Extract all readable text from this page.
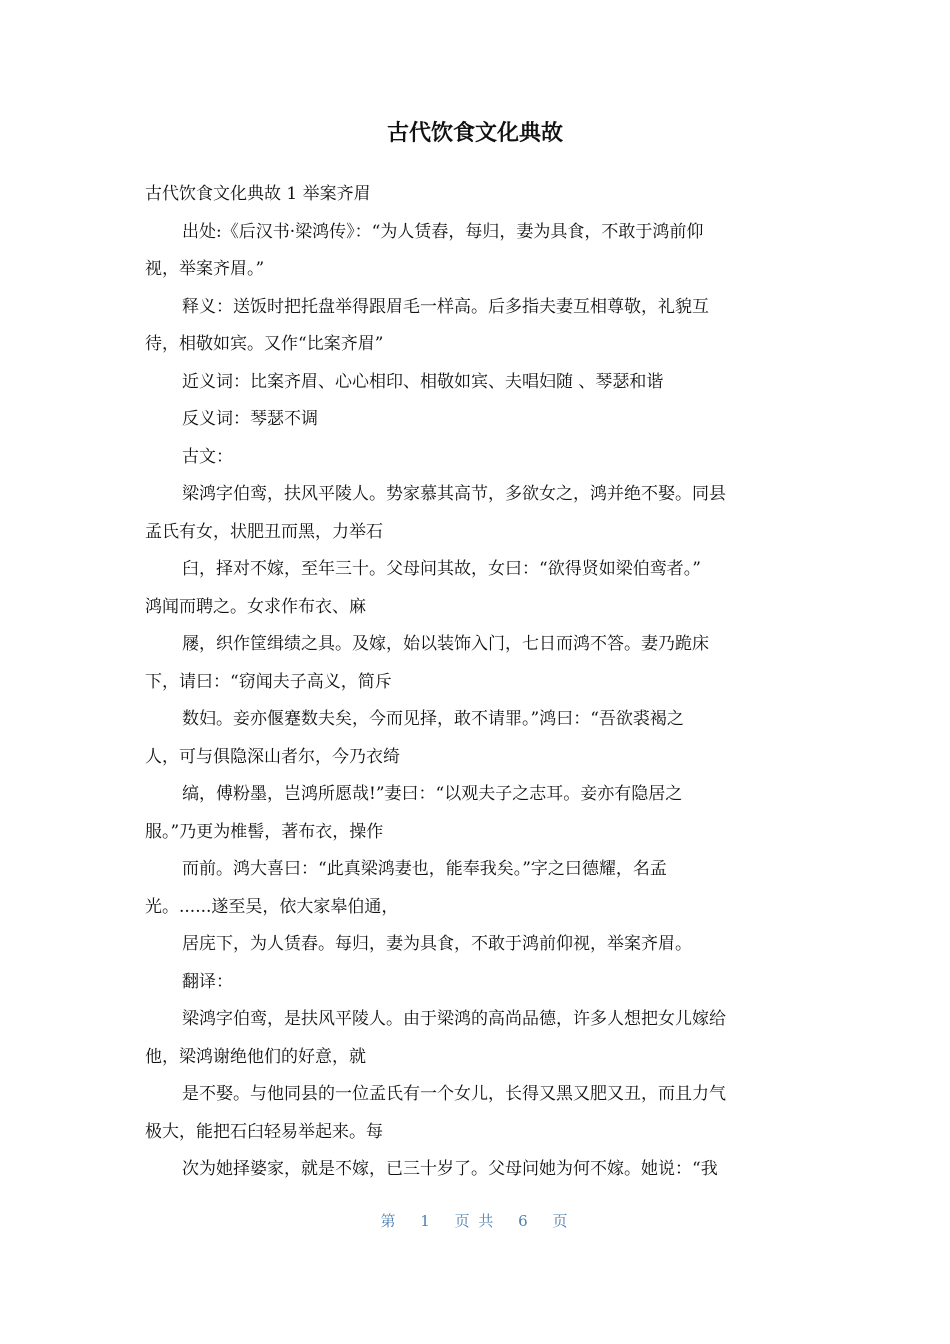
古代饮食文化典故
古代饮食文化典故 1 举案齐眉
出处:《后汉书·梁鸿传》：“为人赁舂，每归，妻为具食，不敢于鸿前仰
视，举案齐眉。”
释义：送饭时把托盘举得跟眉毛一样高。后多指夫妻互相尊敬，礼貌互
待，相敬如宾。又作“比案齐眉”
近义词：比案齐眉、心心相印、相敬如宾、夫唱妇随 、琴瑟和谐
反义词：琴瑟不调
古文：
梁鸿字伯鸾，扶风平陵人。势家慕其高节，多欲女之，鸿并绝不娶。同县
孟氏有女，状肥丑而黑，力举石
臼，择对不嫁，至年三十。父母问其故，女曰：“欲得贤如梁伯鸾者。”
鸿闻而聘之。女求作布衣、麻
屦，织作筐缉绩之具。及嫁，始以装饰入门，七日而鸿不答。妻乃跪床
下，请曰：“窃闻夫子高义，简斥
数妇。妾亦偃蹇数夫矣，今而见择，敢不请罪。”鸿曰：“吾欲裘褐之
人，可与俱隐深山者尔，今乃衣绮
缟，傅粉墨，岂鸿所愿哉!”妻曰：“以观夫子之志耳。妾亦有隐居之
服。”乃更为椎髻，著布衣，操作
而前。鸿大喜曰：“此真梁鸿妻也，能奉我矣。”字之曰德耀，名孟
光。......遂至吴，依大家皋伯通，
居庑下，为人赁舂。每归，妻为具食，不敢于鸿前仰视，举案齐眉。
翻译：
梁鸿字伯鸾，是扶风平陵人。由于梁鸿的高尚品德，许多人想把女儿嫁给
他，梁鸿谢绝他们的好意，就
是不娶。与他同县的一位孟氏有一个女儿，长得又黑又肥又丑，而且力气
极大，能把石臼轻易举起来。每
次为她择婆家，就是不嫁，已三十岁了。父母问她为何不嫁。她说：“我
第 1 页 共 6 页
